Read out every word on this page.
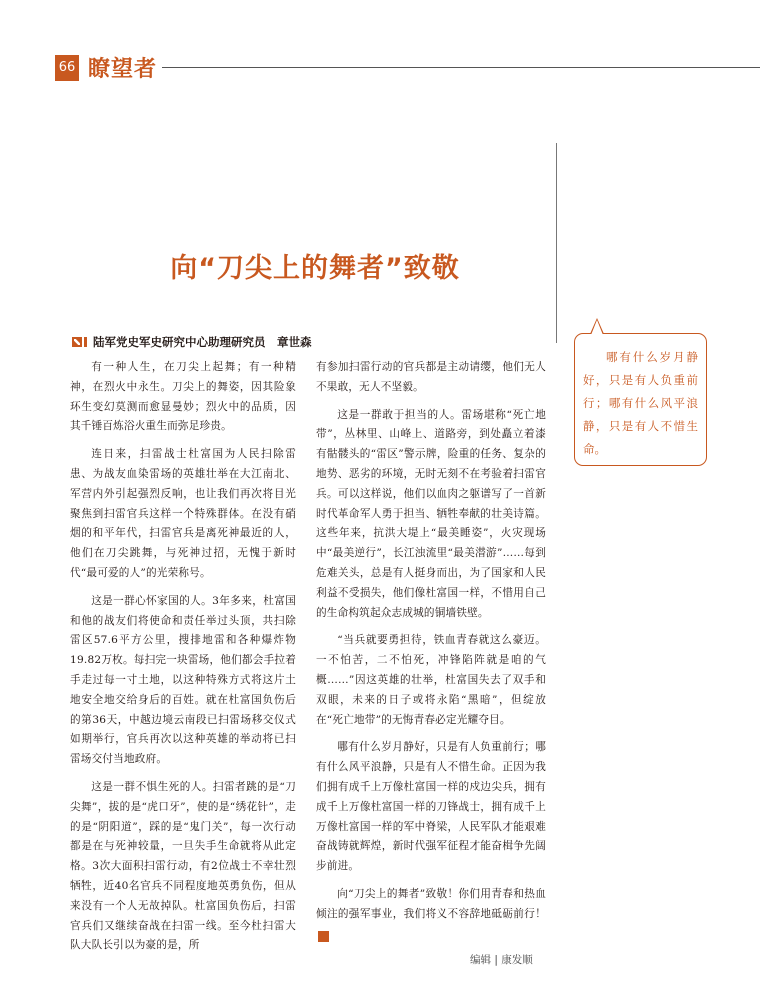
66 瞭望者
向“刀尖上的舞者”致敬
陆军党史军史研究中心助理研究员　章世森

有一种人生，在刀尖上起舞；有一种精神，在烈火中永生。刀尖上的舞姿，因其险象环生变幻莫测而愈显曼妙；烈火中的品质，因其千锤百炼浴火重生而弥足珍贵。

连日来，扫雷战士杜富国为人民扫除雷患、为战友血染雷场的英雄壮举在大江南北、军营内外引起强烈反响，也让我们再次将目光聚焦到扫雷官兵这样一个特殊群体。在没有硝烟的和平年代，扫雷官兵是离死神最近的人，他们在刀尖跳舞，与死神过招，无愧于新时代“最可爱的人”的光荣称号。

这是一群心怀家国的人。3年多来，杜富国和他的战友们将使命和责任举过头顶，共扫除雷区57.6平方公里，搜排地雷和各种爆炸物19.82万枚。每扫完一块雷场，他们都会手拉着手走过每一寸土地，以这种特殊方式将这片土地安全地交给身后的百姓。就在杜富国负伤后的第36天，中越边境云南段已扫雷场移交仪式如期举行，官兵再次以这种英雄的举动将已扫雷场交付当地政府。

这是一群不惧生死的人。扫雷者跳的是“刀尖舞”，拔的是“虎口牙”，使的是“绣花针”，走的是“阴阳道”，踩的是“鬼门关”，每一次行动都是在与死神较量，一旦失手生命就将从此定格。3次大面积扫雷行动，有2位战士不幸壮烈牺牲，近40名官兵不同程度地英勇负伤，但从来没有一个人无故掉队。杜富国负伤后，扫雷官兵们又继续奋战在扫雷一线。至今杜扫雷大队大队长引以为豪的是，所

有参加扫雷行动的官兵都是主动请缨，他们无人不果敢，无人不坚毅。

这是一群敢于担当的人。雷场堪称“死亡地带”，丛林里、山峰上、道路旁，到处矗立着漆有骷髅头的“雷区”警示牌，险重的任务、复杂的地势、恶劣的环境，无时无刻不在考验着扫雷官兵。可以这样说，他们以血肉之躯谱写了一首新时代革命军人勇于担当、牺牲奉献的壮美诗篇。这些年来，抗洪大堤上“最美睡姿”，火灾现场中“最美逆行”，长江浊流里“最美潜游”……每到危难关头，总是有人挺身而出，为了国家和人民利益不受损失，他们像杜富国一样，不惜用自己的生命构筑起众志成城的铜墙铁壁。

“当兵就要勇担待，铁血青春就这么豪迈。一不怕苦，二不怕死，冲锋陷阵就是咱的气概……”因这英雄的壮举，杜富国失去了双手和双眼，未来的日子或将永陷“黑暗”，但绽放在“死亡地带”的无悔青春必定光耀夺目。

哪有什么岁月静好，只是有人负重前行；哪有什么风平浪静，只是有人不惜生命。正因为我们拥有成千上万像杜富国一样的戍边尖兵，拥有成千上万像杜富国一样的刀锋战士，拥有成千上万像杜富国一样的军中脊梁，人民军队才能艰难奋战铸就辉煌，新时代强军征程才能奋楫争先阔步前进。

向“刀尖上的舞者”致敬！你们用青春和热血倾注的强军事业，我们将义不容辞地砥砺前行！G

哪有什么岁月静好，只是有人负重前行；哪有什么风平浪静，只是有人不惜生命。
编辑 | 康发顺
